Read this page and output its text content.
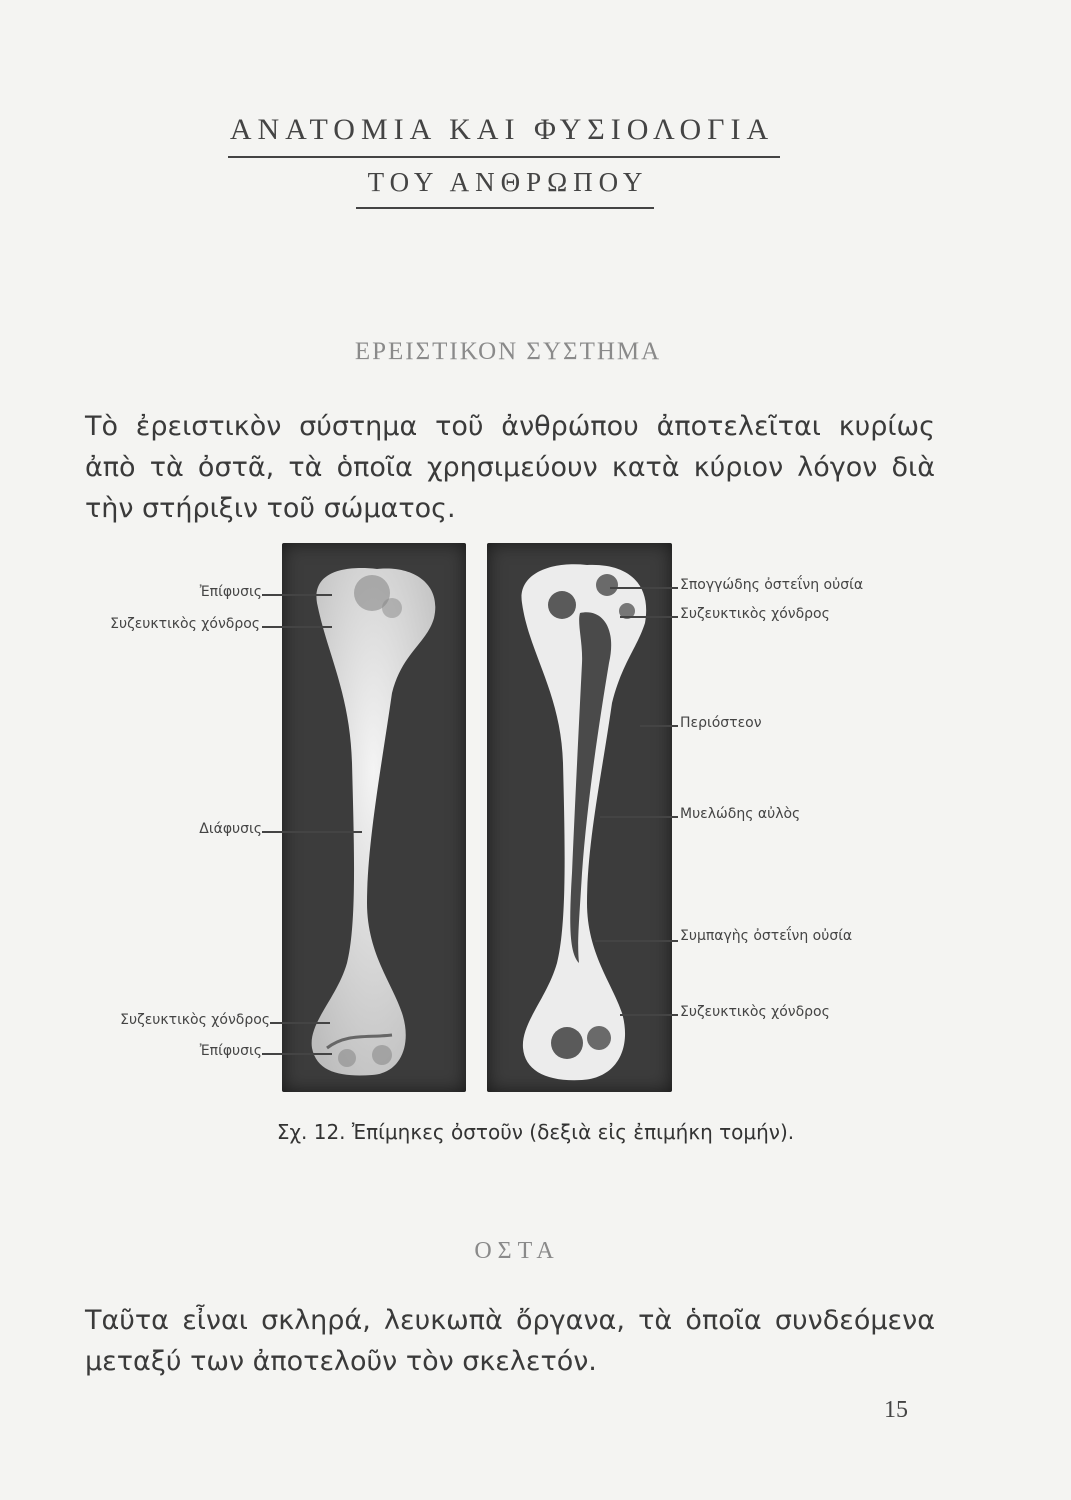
ΑΝΑΤΟΜΙΑ ΚΑΙ ΦΥΣΙΟΛΟΓΙΑ
ΤΟΥ ΑΝΘΡΩΠΟΥ
ΕΡΕΙΣΤΙΚΟΝ ΣΥΣΤΗΜΑ
Τὸ ἐρειστικὸν σύστημα τοῦ ἀνθρώπου ἀποτελεῖται κυρίως ἀπὸ τὰ ὀστᾶ, τὰ ὁποῖα χρησιμεύουν κατὰ κύριον λόγον διὰ τὴν στήριξιν τοῦ σώματος.
Ἐπίφυσις
Συζευκτικὸς χόνδρος
Διάφυσις
Συζευκτικὸς χόνδρος
Ἐπίφυσις
Σπογγώδης ὀστεΐνη οὐσία
Συζευκτικὸς χόνδρος
Περιόστεον
Μυελώδης αὐλὸς
Συμπαγὴς ὀστεΐνη οὐσία
Συζευκτικὸς χόνδρος
Σχ. 12. Ἐπίμηκες ὀστοῦν (δεξιὰ εἰς ἐπιμήκη τομήν).
ΟΣΤΑ
Ταῦτα εἶναι σκληρά, λευκωπὰ ὄργανα, τὰ ὁποῖα συνδεόμενα μεταξύ των ἀποτελοῦν τὸν σκελετόν.
15
